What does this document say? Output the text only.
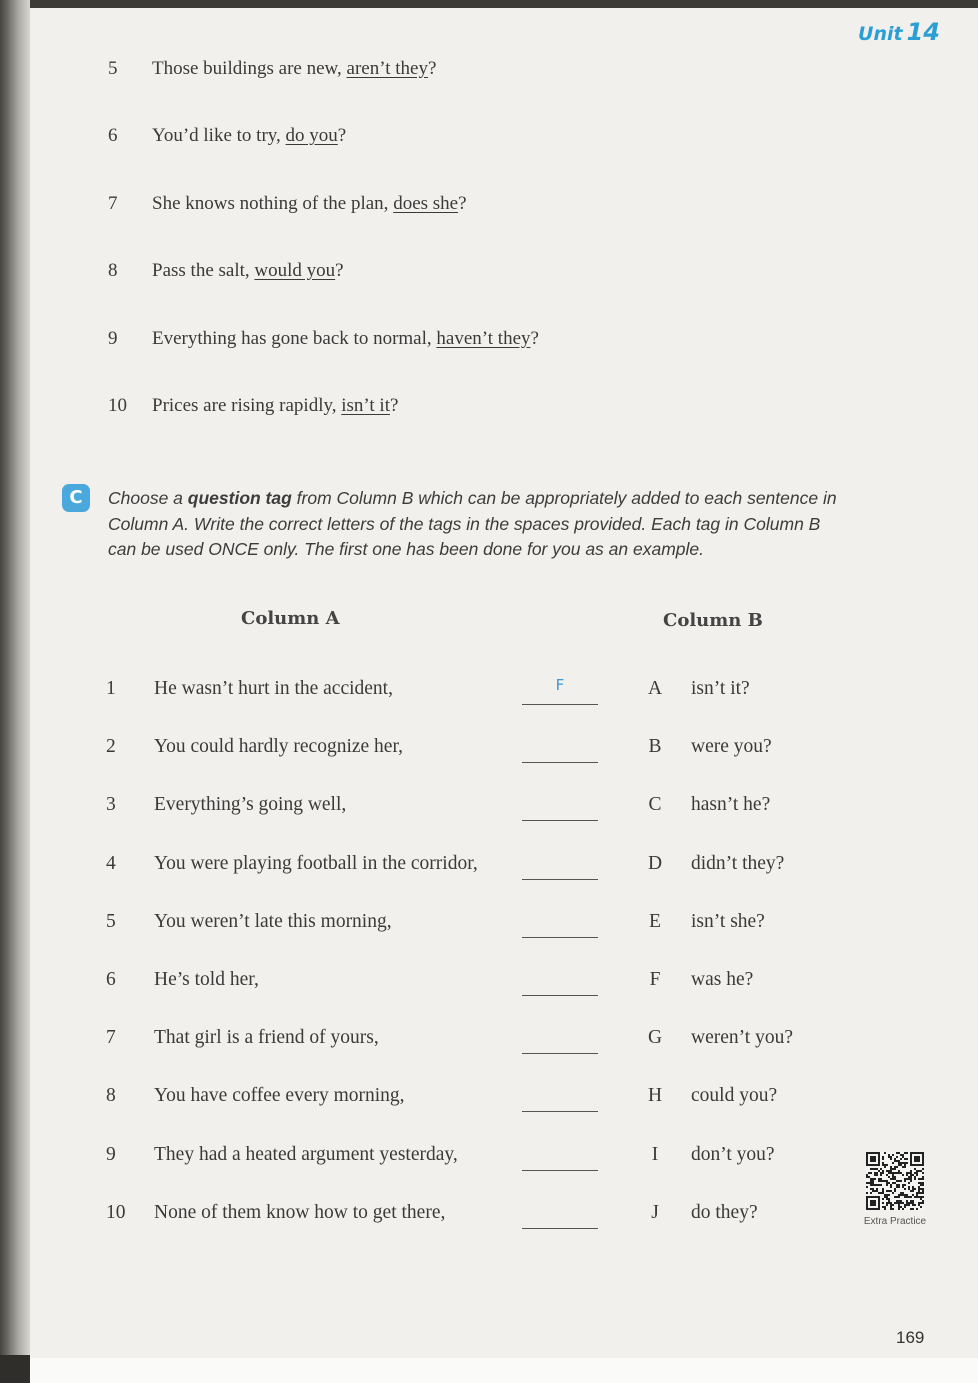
Unit 14
5	Those buildings are new, aren’t they?
6	You’d like to try, do you?
7	She knows nothing of the plan, does she?
8	Pass the salt, would you?
9	Everything has gone back to normal, haven’t they?
10	Prices are rising rapidly, isn’t it?
C	Choose a question tag from Column B which can be appropriately added to each sentence in Column A. Write the correct letters of the tags in the spaces provided. Each tag in Column B can be used ONCE only. The first one has been done for you as an example.
Column A	Column B
1	He wasn’t hurt in the accident,	F	A isn’t it?
2	You could hardly recognize her,	B were you?
3	Everything’s going well,	C hasn’t he?
4	You were playing football in the corridor,	D didn’t they?
5	You weren’t late this morning,	E	isn’t she?
6	He’s told her,	F	was he?
7	That girl is a friend of yours,	G weren’t you?
8	You have coffee every morning,	H could you?
9	They had a heated argument yesterday,	I	don’t you?
10	None of them know how to get there,	J	do they?	Extra Practice
169
